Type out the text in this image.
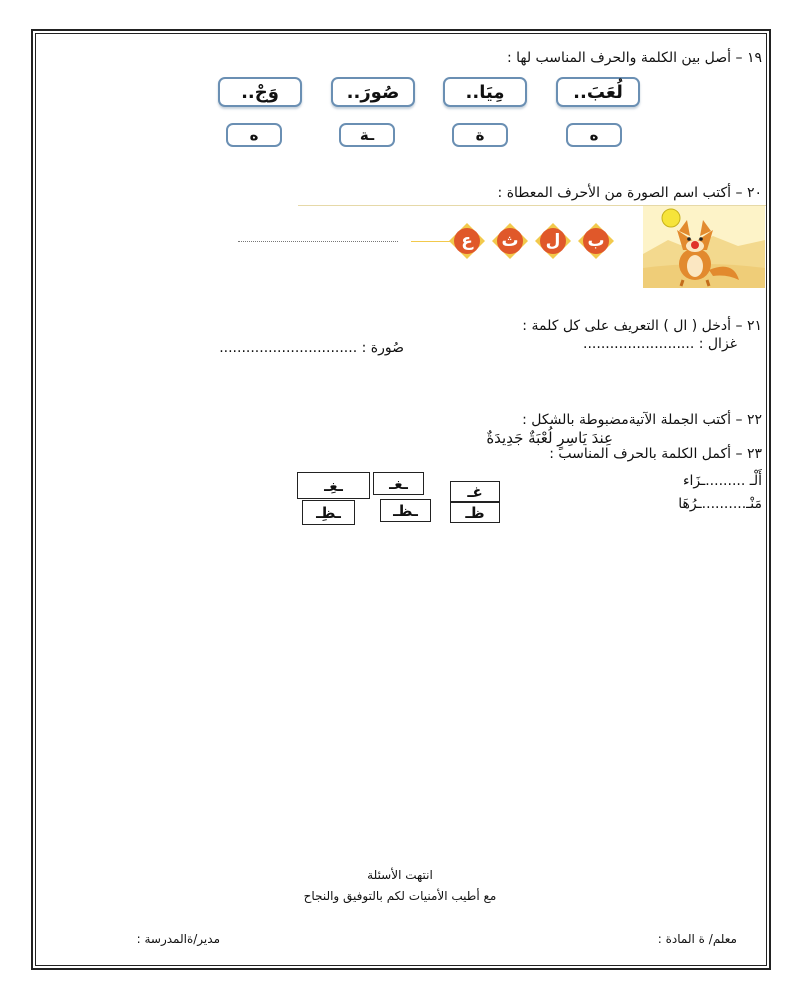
١٩ – أصل بين الكلمة والحرف المناسب لها :
لُعَبَ..
مِيَا..
صُورَ..
وَجْ..
ه
ة
ـة
ه
٢٠ – أكتب اسم الصورة من الأحرف المعطاة :
ب
ل
ث
ع
٢١ – أدخل ( ال ) التعريف على كل كلمة :
غزال : .........................
صُورة : ...............................
٢٢ – أكتب الجملة الآتيةمضبوطة بالشكل :
عِندَ يَاسِرٍ لُعْبَةٌ جَدِيدَةٌ
٢٣ – أكمل الكلمة بالحرف المناسب :
أَلْـ .........ـزَاء
مَنْـ..........ـرُهَا
غـ
ظـ
ـغـ
ـظـ
ـغِـ
ـظِـ
انتهت الأسئلة
مع أطيب الأمنيات لكم بالتوفيق والنجاح
معلم/ ة المادة :
مدير/ةالمدرسة :
